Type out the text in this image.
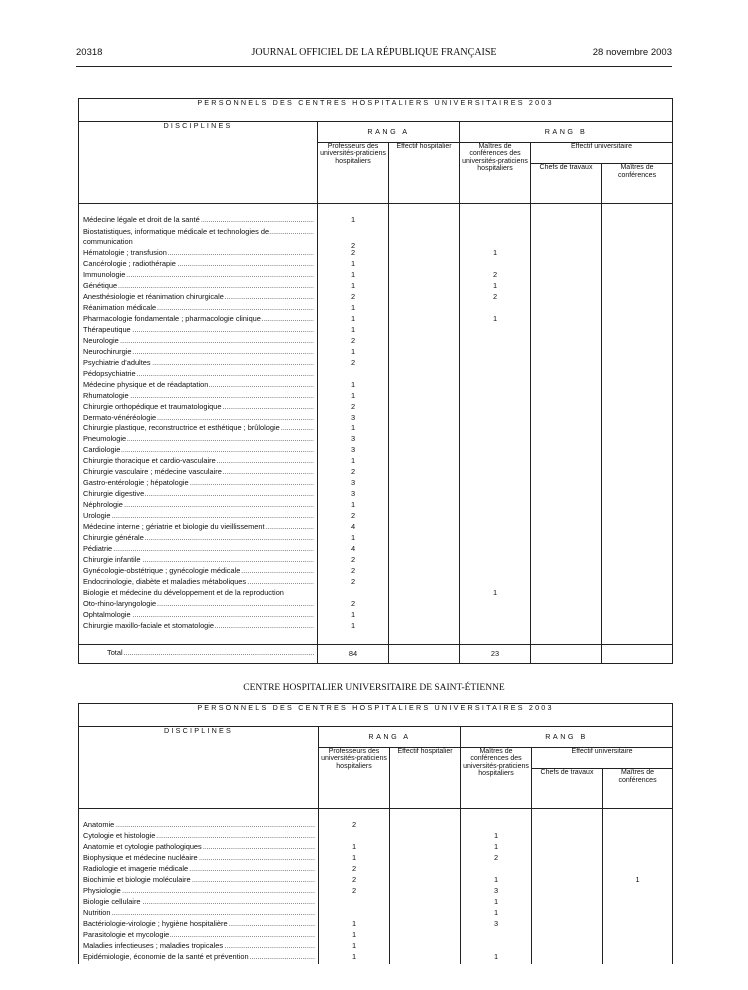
20318	JOURNAL OFFICIEL DE LA RÉPUBLIQUE FRANÇAISE	28 novembre 2003
PERSONNELS DES CENTRES HOSPITALIERS UNIVERSITAIRES 2003					
DISCIPLINES	RANG A		RANG B		
	Professeurs des universités-praticiens hospitaliers	Effectif hospitalier	Maîtres de conférences des universités-praticiens hospitaliers	Effectif universitaire	
				Chefs de travaux	Maîtres de conférences

Médecine légale et droit de la santé .....	1				

Biostatistiques, informatique médicale et technologies de communication .....	2				

Hématologie ; transfusion .....	2		1		

Cancérologie ; radiothérapie .....	1				

Immunologie .....	1		2		

Génétique .....	1		1		

Anesthésiologie et réanimation chirurgicale .....	2		2		

Réanimation médicale .....	1				

Pharmacologie fondamentale ; pharmacologie clinique .....	1		1		

Thérapeutique .....	1				

Neurologie .....	2				

Neurochirurgie .....	1				

Psychiatrie d'adultes .....	2				

Pédopsychiatrie .....

Médecine physique et de réadaptation .....	1				

Rhumatologie .....	1				

Chirurgie orthopédique et traumatologique .....	2				

Dermato-vénéréologie .....	3				

Chirurgie plastique, reconstructrice et esthétique ; brûlologie .....	1				

Pneumologie .....	3				

Cardiologie .....	3				

Chirurgie thoracique et cardio-vasculaire .....	1				

Chirurgie vasculaire ; médecine vasculaire .....	2				

Gastro-entérologie ; hépatologie .....	3				

Chirurgie digestive .....	3				

Néphrologie .....	1				

Urologie .....	2				

Médecine interne ; gériatrie et biologie du vieillissement .....	4				

Chirurgie générale .....	1				

Pédiatrie .....	4				

Chirurgie infantile .....	2				

Gynécologie-obstétrique ; gynécologie médicale .....	2				

Endocrinologie, diabète et maladies métaboliques .....	2				

Biologie et médecine du développement et de la reproduction			1		

Oto-rhino-laryngologie .....	2				

Ophtalmologie .....	1				

Chirurgie maxillo-faciale et stomatologie .....	1				

Total .....	84		23		
CENTRE HOSPITALIER UNIVERSITAIRE DE SAINT-ÉTIENNE
PERSONNELS DES CENTRES HOSPITALIERS UNIVERSITAIRES 2003					
DISCIPLINES	RANG A		RANG B		
	Professeurs des universités-praticiens hospitaliers	Effectif hospitalier	Maîtres de conférences des universités-praticiens hospitaliers	Effectif universitaire	
				Chefs de travaux	Maîtres de conférences

Anatomie .....	2				

Cytologie et histologie .....			1		

Anatomie et cytologie pathologiques .....	1		1		

Biophysique et médecine nucléaire .....	1		2		

Radiologie et imagerie médicale .....	2				

Biochimie et biologie moléculaire .....	2		1		1

Physiologie .....	2		3		

Biologie cellulaire .....			1		

Nutrition .....			1		

Bactériologie-virologie ; hygiène hospitalière .....	1		3		

Parasitologie et mycologie .....	1				

Maladies infectieuses ; maladies tropicales .....	1				

Epidémiologie, économie de la santé et prévention .....	1		1		
